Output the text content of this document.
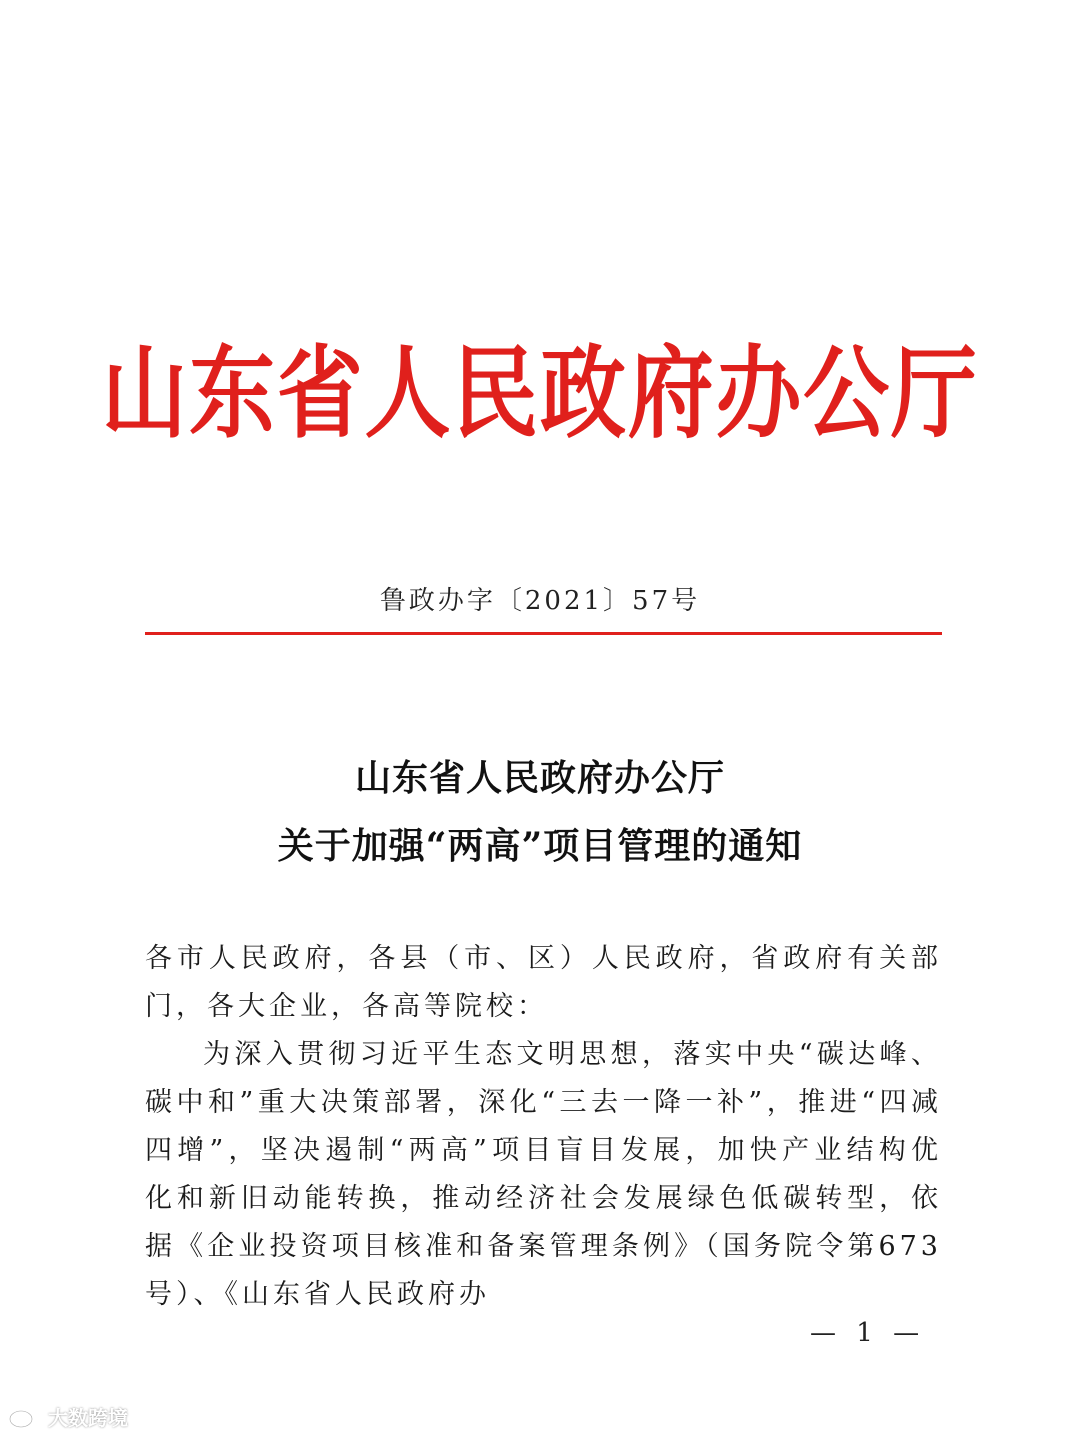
山东省人民政府办公厅
鲁政办字〔2021〕57号
山东省人民政府办公厅
关于加强“两高”项目管理的通知

各市人民政府，各县（市、区）人民政府，省政府有关部门，各大企业，各高等院校：

为深入贯彻习近平生态文明思想，落实中央“碳达峰、碳中和”重大决策部署，深化“三去一降一补”，推进“四减四增”，坚决遏制“两高”项目盲目发展，加快产业结构优化和新旧动能转换，推动经济社会发展绿色低碳转型，依据《企业投资项目核准和备案管理条例》（国务院令第673号）、《山东省人民政府办

— 1 —
大数跨境
